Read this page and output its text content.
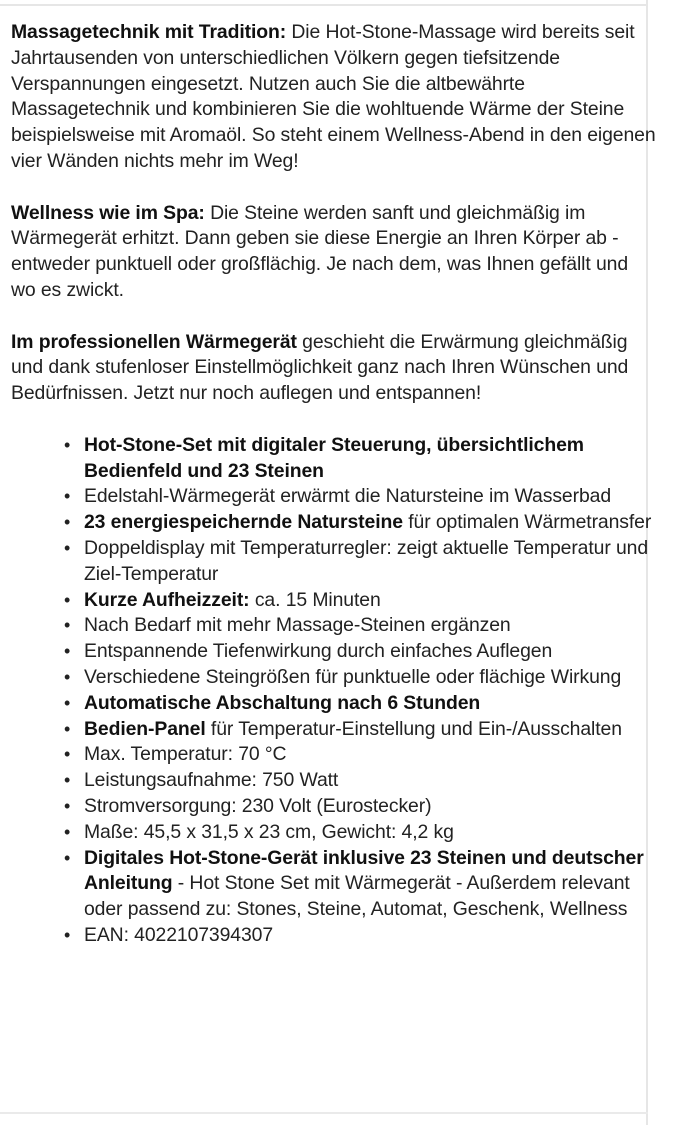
Massagetechnik mit Tradition: Die Hot-Stone-Massage wird bereits seit Jahrtausenden von unterschiedlichen Völkern gegen tiefsitzende Verspannungen eingesetzt. Nutzen auch Sie die altbewährte Massagetechnik und kombinieren Sie die wohltuende Wärme der Steine beispielsweise mit Aromaöl. So steht einem Wellness-Abend in den eigenen vier Wänden nichts mehr im Weg!

Wellness wie im Spa: Die Steine werden sanft und gleichmäßig im Wärmegerät erhitzt. Dann geben sie diese Energie an Ihren Körper ab - entweder punktuell oder großflächig. Je nach dem, was Ihnen gefällt und wo es zwickt.

Im professionellen Wärmegerät geschieht die Erwärmung gleichmäßig und dank stufenloser Einstellmöglichkeit ganz nach Ihren Wünschen und Bedürfnissen. Jetzt nur noch auflegen und entspannen!

• Hot-Stone-Set mit digitaler Steuerung, übersichtlichem Bedienfeld und 23 Steinen
• Edelstahl-Wärmegerät erwärmt die Natursteine im Wasserbad
• 23 energiespeichernde Natursteine für optimalen Wärmetransfer
• Doppeldisplay mit Temperaturregler: zeigt aktuelle Temperatur und Ziel-Temperatur
• Kurze Aufheizzeit: ca. 15 Minuten
• Nach Bedarf mit mehr Massage-Steinen ergänzen
• Entspannende Tiefenwirkung durch einfaches Auflegen
• Verschiedene Steingrößen für punktuelle oder flächige Wirkung
• Automatische Abschaltung nach 6 Stunden
• Bedien-Panel für Temperatur-Einstellung und Ein-/Ausschalten
• Max. Temperatur: 70 °C
• Leistungsaufnahme: 750 Watt
• Stromversorgung: 230 Volt (Eurostecker)
• Maße: 45,5 x 31,5 x 23 cm, Gewicht: 4,2 kg
• Digitales Hot-Stone-Gerät inklusive 23 Steinen und deutscher Anleitung - Hot Stone Set mit Wärmegerät - Außerdem relevant oder passend zu: Stones, Steine, Automat, Geschenk, Wellness
• EAN: 4022107394307
